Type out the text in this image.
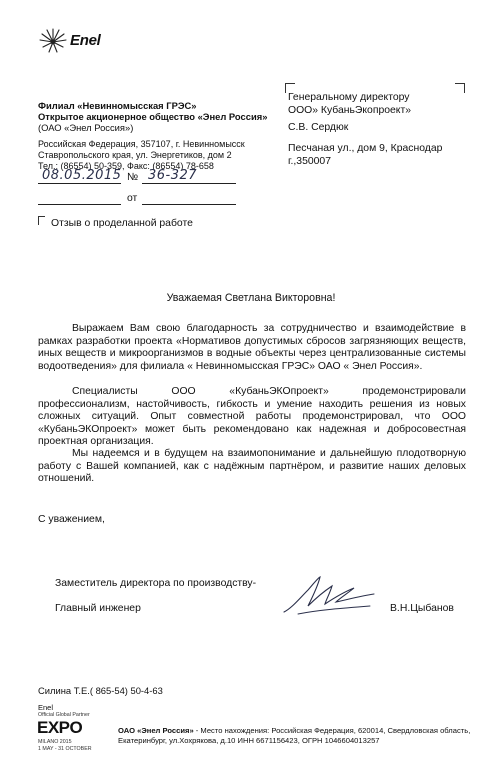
Enel
Филиал «Невинномысская ГРЭС»
Открытое акционерное общество «Энел Россия»
(ОАО «Энел Россия»)
Российская Федерация, 357107, г. Невинномысск
Ставропольского края, ул. Энергетиков, дом 2
Тел.: (86554) 50-359, Факс: (86554) 78-658
Генеральному директору
ООО» КубаньЭкопроект»
С.В. Сердюк
Песчаная ул., дом 9, Краснодар
г.,350007
08.05.2015 № 36-327
от
Отзыв о проделанной работе
Уважаемая Светлана Викторовна!
Выражаем Вам свою благодарность за сотрудничество и взаимодействие в рамках разработки проекта «Нормативов допустимых сбросов загрязняющих веществ, иных веществ и микроорганизмов в водные объекты через централизованные системы водоотведения» для филиала « Невинномысская ГРЭС» ОАО « Энел Россия».
Специалисты ООО «КубаньЭКОпроект» продемонстрировали профессионализм, настойчивость, гибкость и умение находить решения из новых сложных ситуаций. Опыт совместной работы продемонстрировал, что ООО «КубаньЭКОпроект» может быть рекомендовано как надежная и добросовестная проектная организация.
Мы надеемся и в будущем на взаимопонимание и дальнейшую плодотворную работу с Вашей компанией, как с надёжным партнёром, и развитие наших деловых отношений.
С уважением,
Заместитель директора по производству-
Главный инженер	В.Н.Цыбанов
Силина Т.Е.( 865-54) 50-4-63
Enel
Official Global Partner
EXPO
MILANO 2015
1 MAY - 31 OCTOBER
ОАО «Энел Россия» - Место нахождения: Российская Федерация, 620014, Свердловская область,
Екатеринбург, ул.Хохрякова, д.10 ИНН 6671156423, ОГРН 1046604013257
